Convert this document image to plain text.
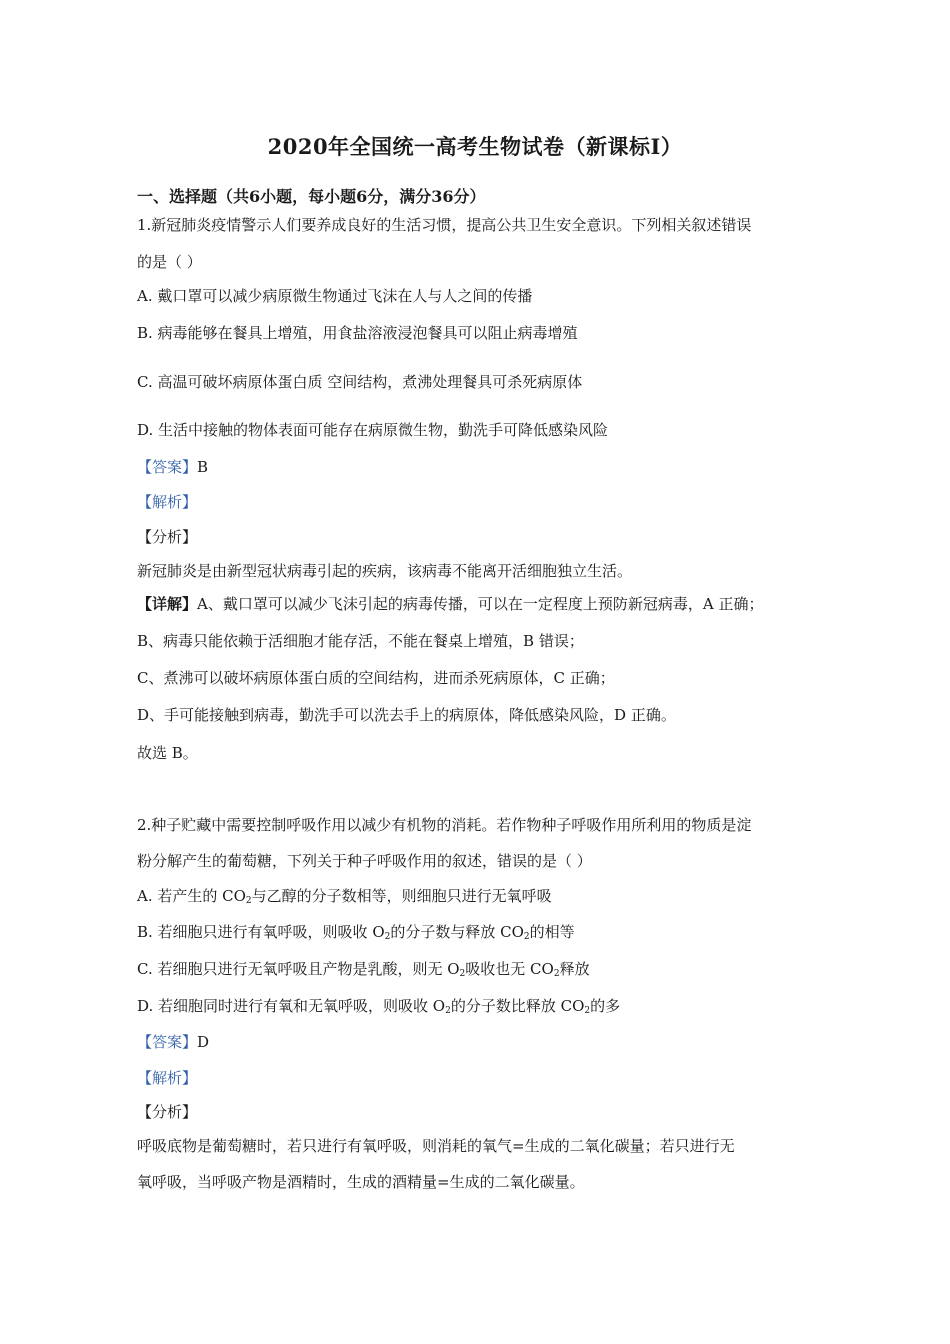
2020年全国统一高考生物试卷（新课标Ⅰ）
一、选择题（共6小题，每小题6分，满分36分）
1.新冠肺炎疫情警示人们要养成良好的生活习惯，提高公共卫生安全意识。下列相关叙述错误
的是（ ）
A. 戴口罩可以减少病原微生物通过飞沫在人与人之间的传播
B. 病毒能够在餐具上增殖，用食盐溶液浸泡餐具可以阻止病毒增殖
C. 高温可破坏病原体蛋白质 空间结构，煮沸处理餐具可杀死病原体
D. 生活中接触的物体表面可能存在病原微生物，勤洗手可降低感染风险
【答案】B
【解析】
【分析】
新冠肺炎是由新型冠状病毒引起的疾病，该病毒不能离开活细胞独立生活。
【详解】A、戴口罩可以减少飞沫引起的病毒传播，可以在一定程度上预防新冠病毒，A 正确；
B、病毒只能依赖于活细胞才能存活，不能在餐桌上增殖，B 错误；
C、煮沸可以破坏病原体蛋白质的空间结构，进而杀死病原体，C 正确；
D、手可能接触到病毒，勤洗手可以洗去手上的病原体，降低感染风险，D 正确。
故选 B。
2.种子贮藏中需要控制呼吸作用以减少有机物的消耗。若作物种子呼吸作用所利用的物质是淀
粉分解产生的葡萄糖，下列关于种子呼吸作用的叙述，错误的是（ ）
A. 若产生的 $CO_2$与乙醇的分子数相等，则细胞只进行无氧呼吸
B. 若细胞只进行有氧呼吸，则吸收 $O_2$的分子数与释放 $CO_2$的相等
C. 若细胞只进行无氧呼吸且产物是乳酸，则无 $O_2$吸收也无 $CO_2$释放
D. 若细胞同时进行有氧和无氧呼吸，则吸收 $O_2$的分子数比释放 $CO_2$的多
【答案】D
【解析】
【分析】
呼吸底物是葡萄糖时，若只进行有氧呼吸，则消耗的氧气=生成的二氧化碳量；若只进行无
氧呼吸，当呼吸产物是酒精时，生成的酒精量=生成的二氧化碳量。
